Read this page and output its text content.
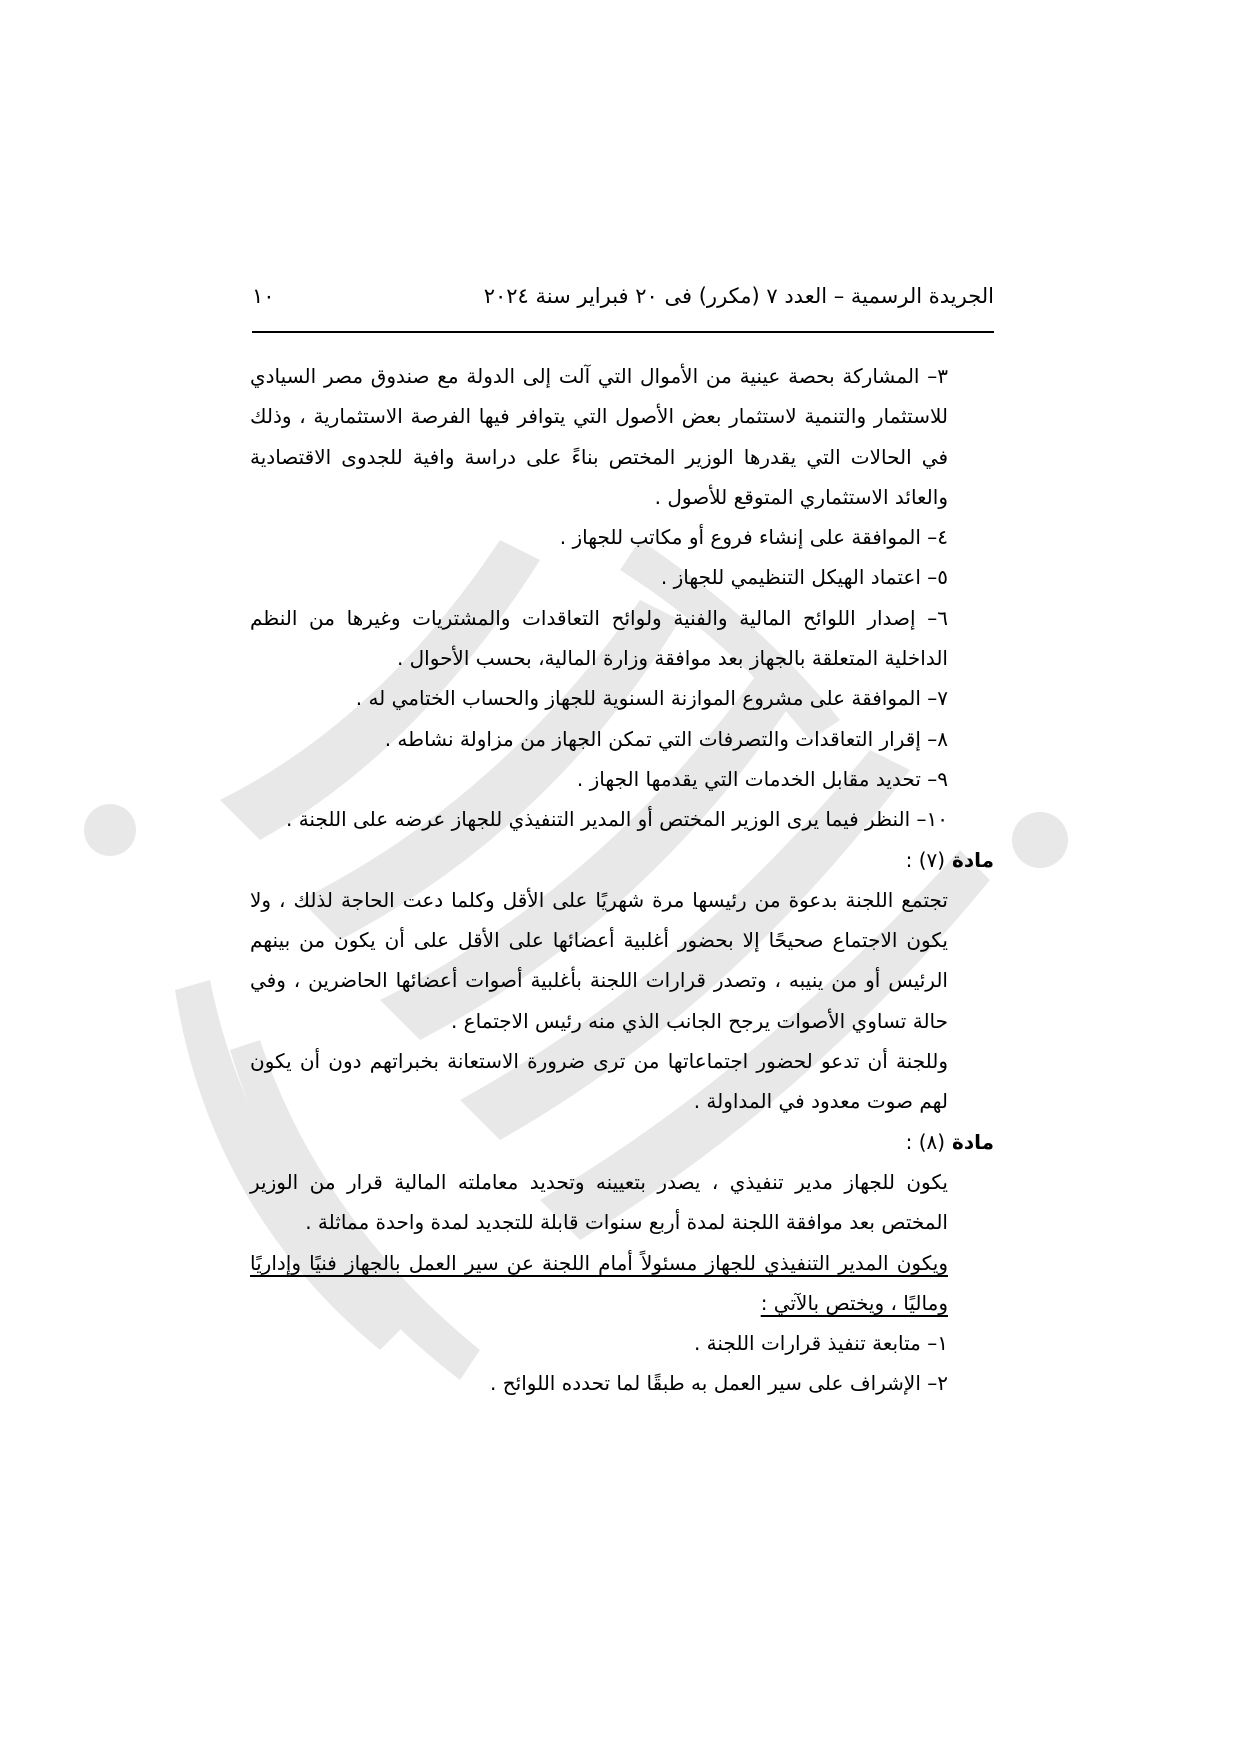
الجريدة الرسمية – العدد ٧ (مكرر) فى ٢٠ فبراير سنة ٢٠٢٤
١٠

٣– المشاركة بحصة عينية من الأموال التي آلت إلى الدولة مع صندوق مصر السيادي للاستثمار والتنمية لاستثمار بعض الأصول التي يتوافر فيها الفرصة الاستثمارية ، وذلك في الحالات التي يقدرها الوزير المختص بناءً على دراسة وافية للجدوى الاقتصادية والعائد الاستثماري المتوقع للأصول .

٤– الموافقة على إنشاء فروع أو مكاتب للجهاز .

٥– اعتماد الهيكل التنظيمي للجهاز .

٦– إصدار اللوائح المالية والفنية ولوائح التعاقدات والمشتريات وغيرها من النظم الداخلية المتعلقة بالجهاز بعد موافقة وزارة المالية، بحسب الأحوال .

٧– الموافقة على مشروع الموازنة السنوية للجهاز والحساب الختامي له .

٨– إقرار التعاقدات والتصرفات التي تمكن الجهاز من مزاولة نشاطه .

٩– تحديد مقابل الخدمات التي يقدمها الجهاز .

١٠– النظر فيما يرى الوزير المختص أو المدير التنفيذي للجهاز عرضه على اللجنة .

مادة (٧) :

تجتمع اللجنة بدعوة من رئيسها مرة شهريًا على الأقل وكلما دعت الحاجة لذلك ، ولا يكون الاجتماع صحيحًا إلا بحضور أغلبية أعضائها على الأقل على أن يكون من بينهم الرئيس أو من ينيبه ، وتصدر قرارات اللجنة بأغلبية أصوات أعضائها الحاضرين ، وفي حالة تساوي الأصوات يرجح الجانب الذي منه رئيس الاجتماع .

وللجنة أن تدعو لحضور اجتماعاتها من ترى ضرورة الاستعانة بخبراتهم دون أن يكون لهم صوت معدود في المداولة .

مادة (٨) :

يكون للجهاز مدير تنفيذي ، يصدر بتعيينه وتحديد معاملته المالية قرار من الوزير المختص بعد موافقة اللجنة لمدة أربع سنوات قابلة للتجديد لمدة واحدة مماثلة .

ويكون المدير التنفيذي للجهاز مسئولاً أمام اللجنة عن سير العمل بالجهاز فنيًا وإداريًا وماليًا ، ويختص بالآتي :

١– متابعة تنفيذ قرارات اللجنة .

٢– الإشراف على سير العمل به طبقًا لما تحدده اللوائح .
